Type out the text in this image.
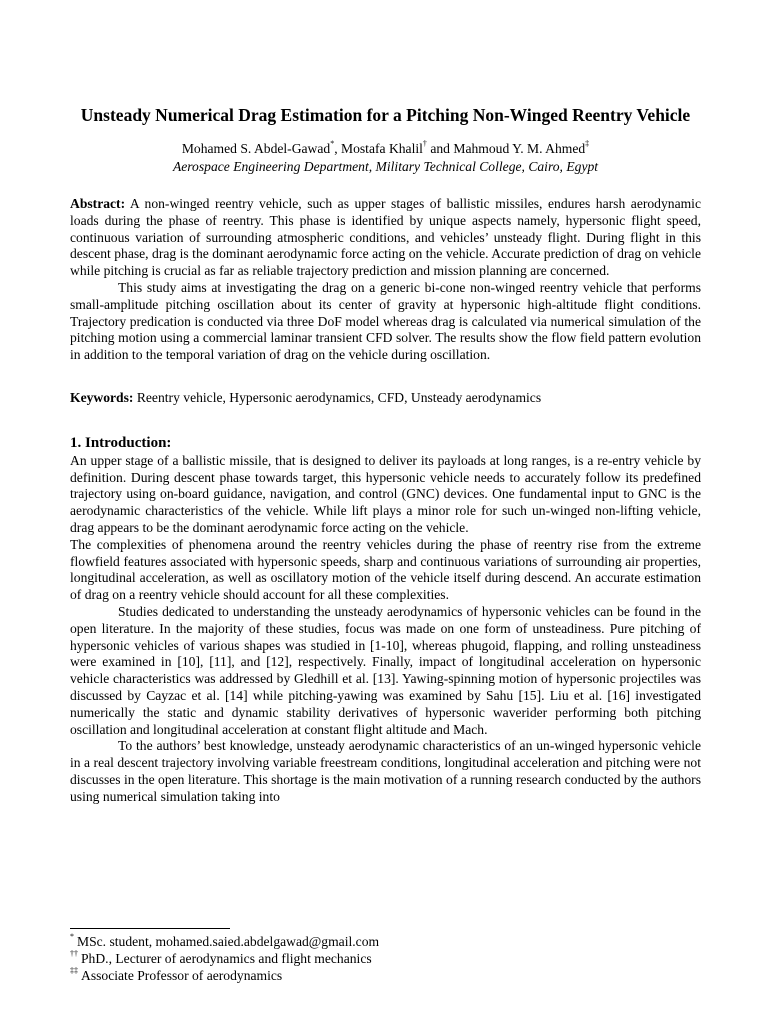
Unsteady Numerical Drag Estimation for a Pitching Non-Winged Reentry Vehicle
Mohamed S. Abdel-Gawad*, Mostafa Khalil† and Mahmoud Y. M. Ahmed‡
Aerospace Engineering Department, Military Technical College, Cairo, Egypt

Abstract: A non-winged reentry vehicle, such as upper stages of ballistic missiles, endures harsh aerodynamic loads during the phase of reentry. This phase is identified by unique aspects namely, hypersonic flight speed, continuous variation of surrounding atmospheric conditions, and vehicles’ unsteady flight. During flight in this descent phase, drag is the dominant aerodynamic force acting on the vehicle. Accurate prediction of drag on vehicle while pitching is crucial as far as reliable trajectory prediction and mission planning are concerned.

This study aims at investigating the drag on a generic bi-cone non-winged reentry vehicle that performs small-amplitude pitching oscillation about its center of gravity at hypersonic high-altitude flight conditions. Trajectory predication is conducted via three DoF model whereas drag is calculated via numerical simulation of the pitching motion using a commercial laminar transient CFD solver. The results show the flow field pattern evolution in addition to the temporal variation of drag on the vehicle during oscillation.

Keywords: Reentry vehicle, Hypersonic aerodynamics, CFD, Unsteady aerodynamics

1. Introduction:

An upper stage of a ballistic missile, that is designed to deliver its payloads at long ranges, is a re-entry vehicle by definition. During descent phase towards target, this hypersonic vehicle needs to accurately follow its predefined trajectory using on-board guidance, navigation, and control (GNC) devices. One fundamental input to GNC is the aerodynamic characteristics of the vehicle. While lift plays a minor role for such un-winged non-lifting vehicle, drag appears to be the dominant aerodynamic force acting on the vehicle.

The complexities of phenomena around the reentry vehicles during the phase of reentry rise from the extreme flowfield features associated with hypersonic speeds, sharp and continuous variations of surrounding air properties, longitudinal acceleration, as well as oscillatory motion of the vehicle itself during descend. An accurate estimation of drag on a reentry vehicle should account for all these complexities.

Studies dedicated to understanding the unsteady aerodynamics of hypersonic vehicles can be found in the open literature. In the majority of these studies, focus was made on one form of unsteadiness. Pure pitching of hypersonic vehicles of various shapes was studied in [1-10], whereas phugoid, flapping, and rolling unsteadiness were examined in [10], [11], and [12], respectively. Finally, impact of longitudinal acceleration on hypersonic vehicle characteristics was addressed by Gledhill et al. [13]. Yawing-spinning motion of hypersonic projectiles was discussed by Cayzac et al. [14] while pitching-yawing was examined by Sahu [15]. Liu et al. [16] investigated numerically the static and dynamic stability derivatives of hypersonic waverider performing both pitching oscillation and longitudinal acceleration at constant flight altitude and Mach.

To the authors’ best knowledge, unsteady aerodynamic characteristics of an un-winged hypersonic vehicle in a real descent trajectory involving variable freestream conditions, longitudinal acceleration and pitching were not discusses in the open literature. This shortage is the main motivation of a running research conducted by the authors using numerical simulation taking into

* MSc. student, mohamed.saied.abdelgawad@gmail.com
†† PhD., Lecturer of aerodynamics and flight mechanics
‡‡ Associate Professor of aerodynamics
